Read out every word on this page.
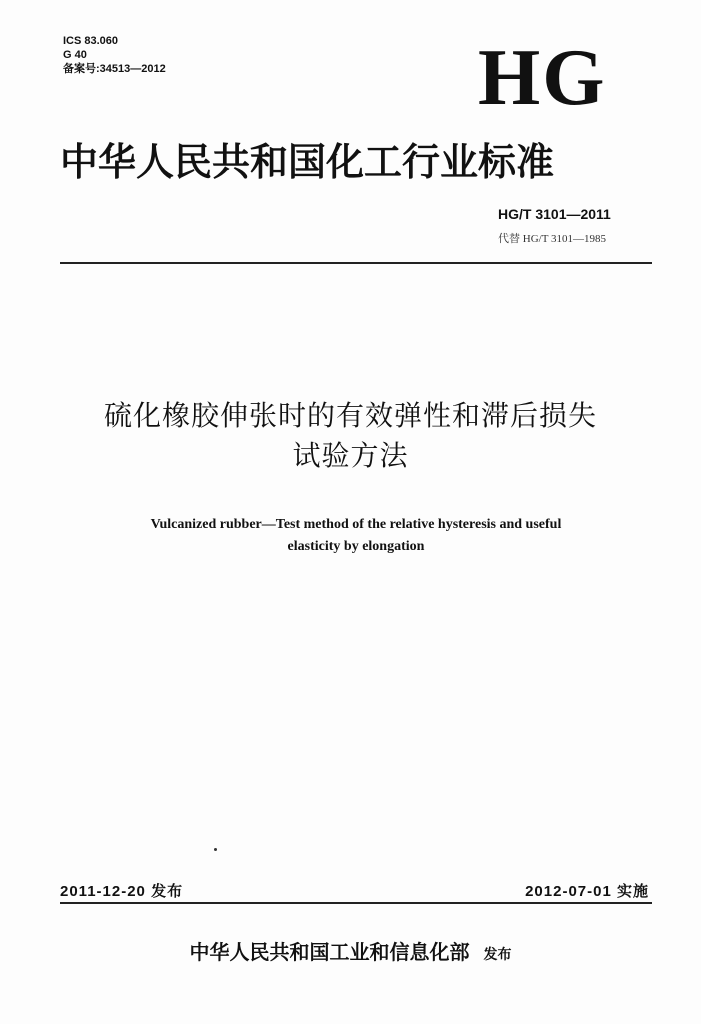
ICS 83.060
G 40
备案号:34513—2012	HG
中华人民共和国化工行业标准
HG/T 3101—2011
代替 HG/T 3101—1985
硫化橡胶伸张时的有效弹性和滞后损失
试验方法
Vulcanized rubber—Test method of the relative hysteresis and useful
elasticity by elongation
2011-12-20 发布	2012-07-01 实施
中华人民共和国工业和信息化部 发布
